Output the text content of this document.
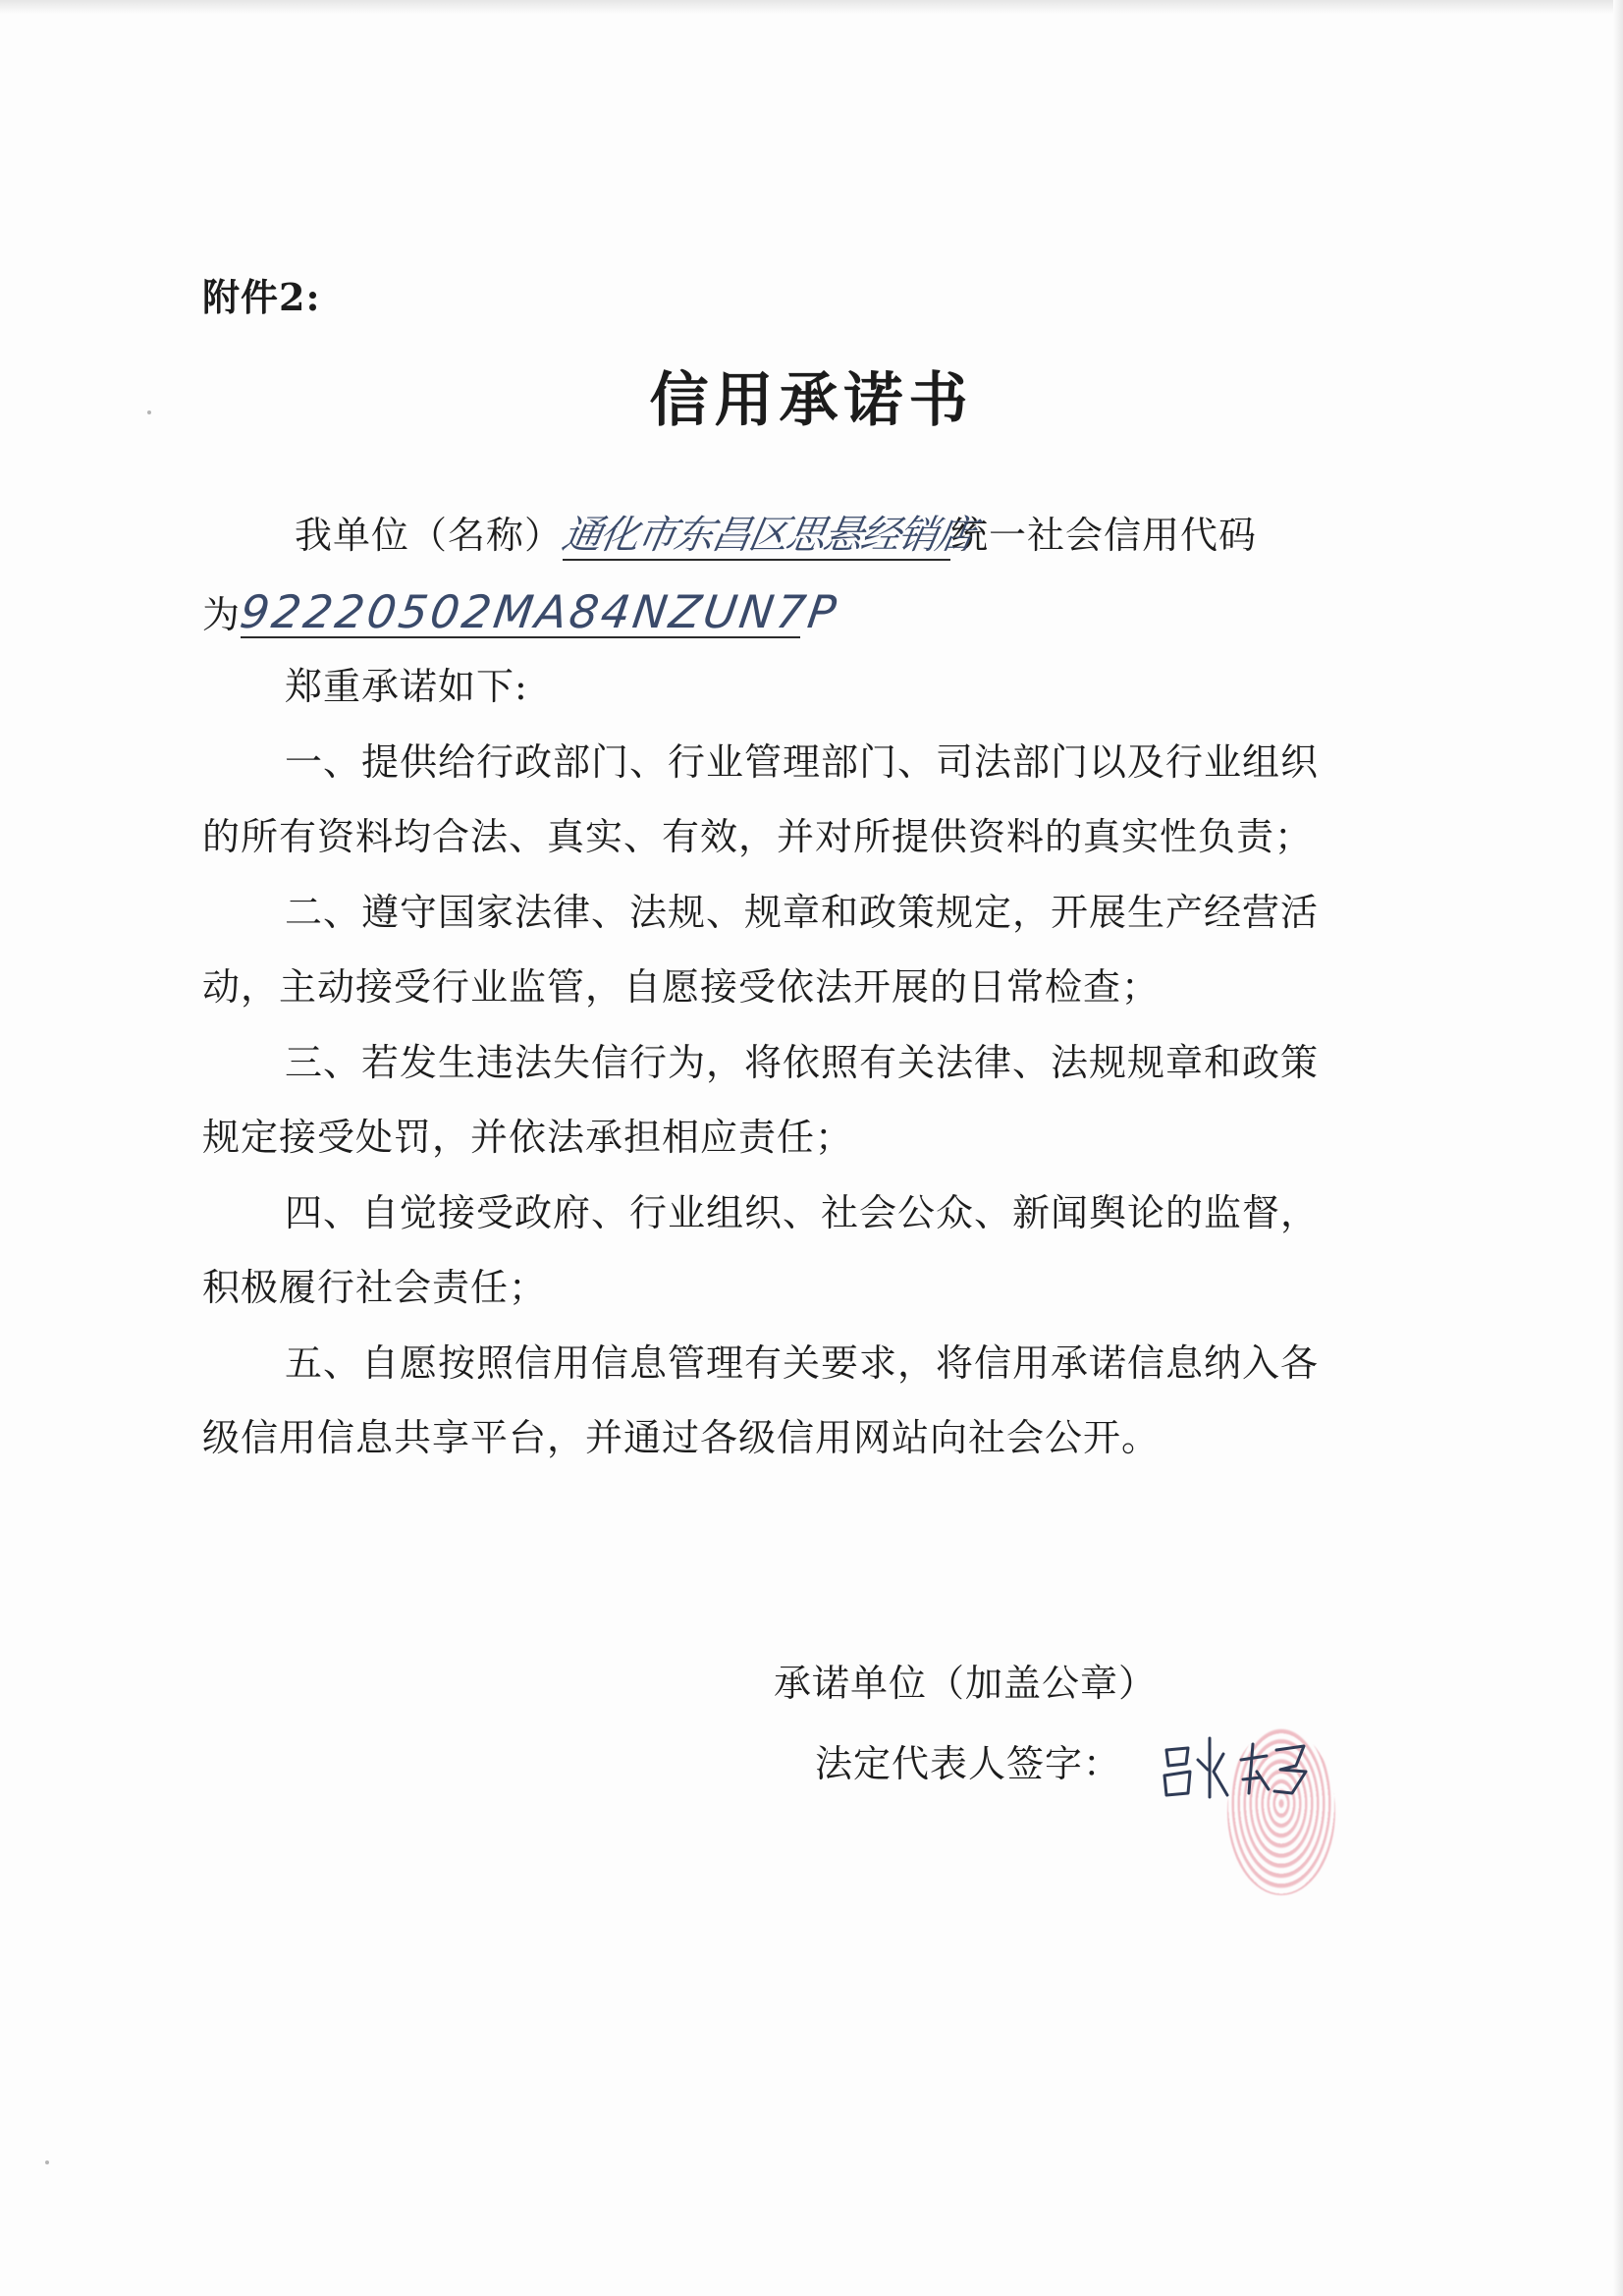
附件2:
信用承诺书
我单位（名称）通化市东昌区思悬经销店统一社会信用代码
为92220502MA84NZUN7P
郑重承诺如下:
一、提供给行政部门、行业管理部门、司法部门以及行业组织
的所有资料均合法、真实、有效，并对所提供资料的真实性负责；
二、遵守国家法律、法规、规章和政策规定，开展生产经营活
动，主动接受行业监管，自愿接受依法开展的日常检查；
三、若发生违法失信行为，将依照有关法律、法规规章和政策
规定接受处罚，并依法承担相应责任；
四、自觉接受政府、行业组织、社会公众、新闻舆论的监督，
积极履行社会责任；
五、自愿按照信用信息管理有关要求，将信用承诺信息纳入各
级信用信息共享平台，并通过各级信用网站向社会公开。
承诺单位（加盖公章）
法定代表人签字：
